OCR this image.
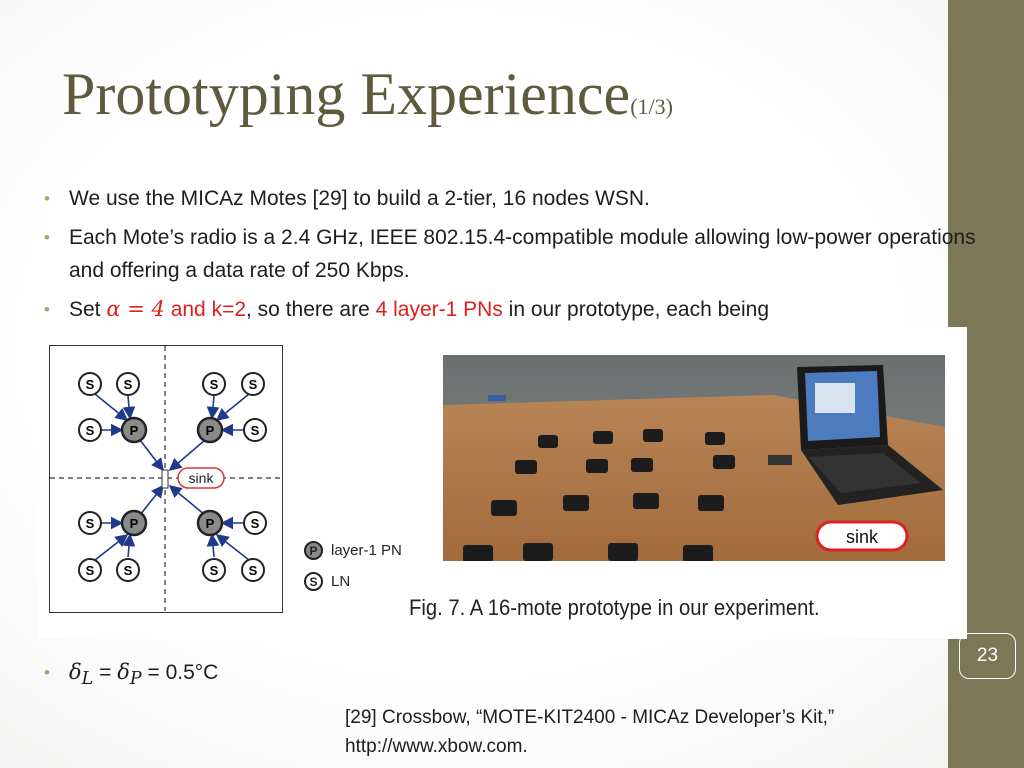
23
Prototyping Experience(1/3)
• We use the MICAz Motes [29] to build a 2-tier, 16 nodes WSN.
• Each Mote’s radio is a 2.4 GHz, IEEE 802.15.4-compatible module allowing low-power operations and offering a data rate of 250 Kbps.
• Set α = 4 and k=2, so there are 4 layer-1 PNs in our prototype, each being
sink
S S
S	P
S S
P	S
S	P
S S
P	S
S S
P layer-1 PN
S LN
sink
Fig. 7. A 16-mote prototype in our experiment.
• $\delta_L = \delta_P = 0.5^\circ C$
[29] Crossbow, “MOTE-KIT2400 - MICAz Developer’s Kit,”
http://www.xbow.com.
